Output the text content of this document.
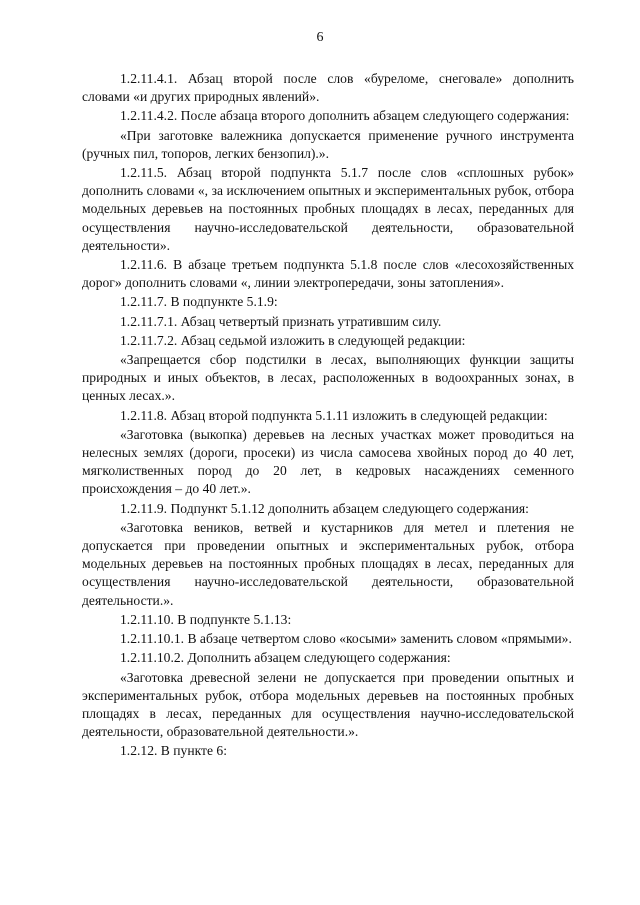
6

1.2.11.4.1. Абзац второй после слов «буреломе, снеговале» дополнить словами «и других природных явлений».

1.2.11.4.2. После абзаца второго дополнить абзацем следующего содержания:

«При заготовке валежника допускается применение ручного инструмента (ручных пил, топоров, легких бензопил).».

1.2.11.5. Абзац второй подпункта 5.1.7 после слов «сплошных рубок» дополнить словами «, за исключением опытных и экспериментальных рубок, отбора модельных деревьев на постоянных пробных площадях в лесах, переданных для осуществления научно-исследовательской деятельности, образовательной деятельности».

1.2.11.6. В абзаце третьем подпункта 5.1.8 после слов «лесохозяйственных дорог» дополнить словами «, линии электропередачи, зоны затопления».

1.2.11.7. В подпункте 5.1.9:

1.2.11.7.1. Абзац четвертый признать утратившим силу.

1.2.11.7.2. Абзац седьмой изложить в следующей редакции:

«Запрещается сбор подстилки в лесах, выполняющих функции защиты природных и иных объектов, в лесах, расположенных в водоохранных зонах, в ценных лесах.».

1.2.11.8. Абзац второй подпункта 5.1.11 изложить в следующей редакции:

«Заготовка (выкопка) деревьев на лесных участках может проводиться на нелесных землях (дороги, просеки) из числа самосева хвойных пород до 40 лет, мягколиственных пород до 20 лет, в кедровых насаждениях семенного происхождения – до 40 лет.».

1.2.11.9. Подпункт 5.1.12 дополнить абзацем следующего содержания:

«Заготовка веников, ветвей и кустарников для метел и плетения не допускается при проведении опытных и экспериментальных рубок, отбора модельных деревьев на постоянных пробных площадях в лесах, переданных для осуществления научно-исследовательской деятельности, образовательной деятельности.».

1.2.11.10. В подпункте 5.1.13:

1.2.11.10.1. В абзаце четвертом слово «косыми» заменить словом «прямыми».

1.2.11.10.2. Дополнить абзацем следующего содержания:

«Заготовка древесной зелени не допускается при проведении опытных и экспериментальных рубок, отбора модельных деревьев на постоянных пробных площадях в лесах, переданных для осуществления научно-исследовательской деятельности, образовательной деятельности.».

1.2.12. В пункте 6:
